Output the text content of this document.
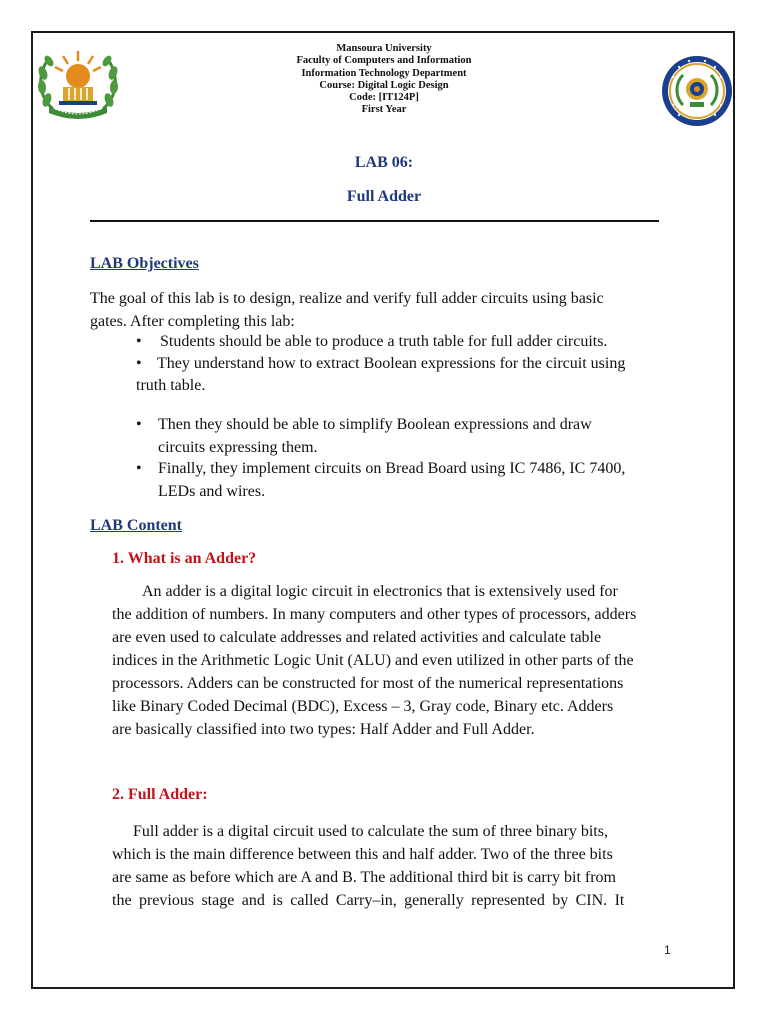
Mansoura University
Faculty of Computers and Information
Information Technology Department
Course: Digital Logic Design
Code: [IT124P]
First Year
LAB 06:
Full Adder
LAB Objectives
The goal of this lab is to design, realize and verify full adder circuits using basic
gates. After completing this lab:
•	Students should be able to produce a truth table for full adder circuits.
• They understand how to extract Boolean expressions for the circuit using
truth table.
•	Then they should be able to simplify Boolean expressions and draw
circuits expressing them.
•	Finally, they implement circuits on Bread Board using IC 7486, IC 7400,
LEDs and wires.
LAB Content
1. What is an Adder?
An adder is a digital logic circuit in electronics that is extensively used for
the addition of numbers. In many computers and other types of processors, adders
are even used to calculate addresses and related activities and calculate table
indices in the Arithmetic Logic Unit (ALU) and even utilized in other parts of the
processors. Adders can be constructed for most of the numerical representations
like Binary Coded Decimal (BDC), Excess – 3, Gray code, Binary etc. Adders
are basically classified into two types: Half Adder and Full Adder.
2. Full Adder:
Full adder is a digital circuit used to calculate the sum of three binary bits,
which is the main difference between this and half adder. Two of the three bits
are same as before which are A and B. The additional third bit is carry bit from
the previous stage and is called Carry–in, generally represented by CIN. It
1
